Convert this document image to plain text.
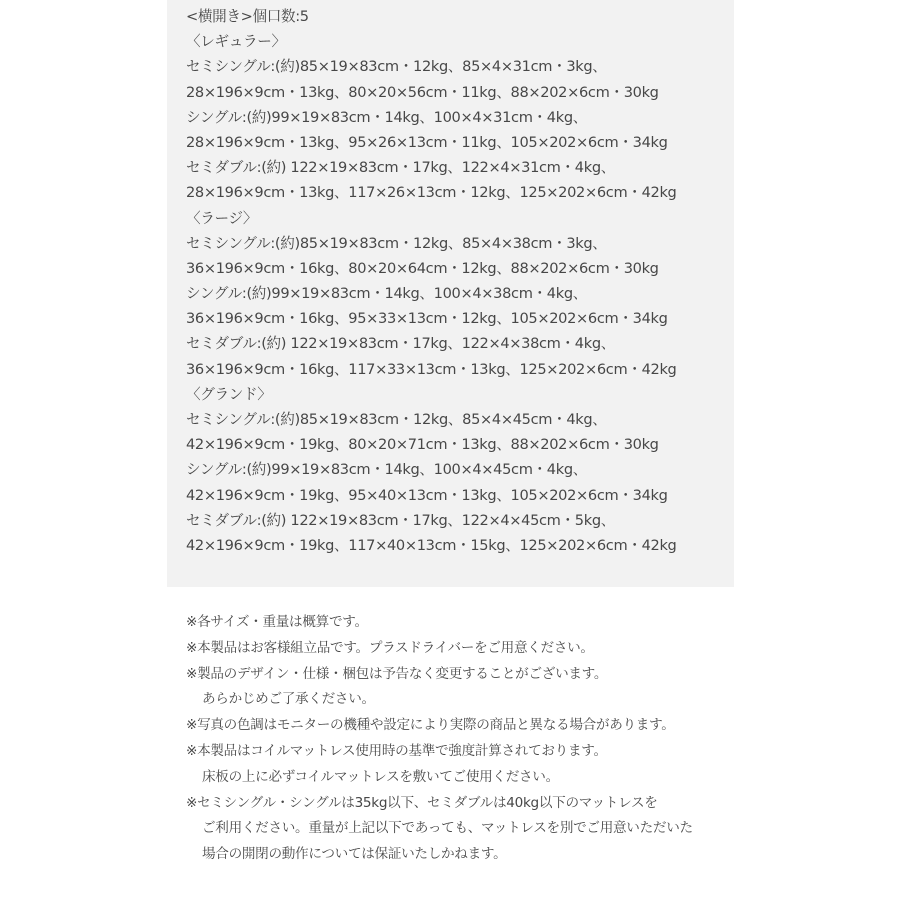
<横開き>個口数:5
〈レギュラー〉
セミシングル:(約)85×19×83cm・12kg、85×4×31cm・3kg、
28×196×9cm・13kg、80×20×56cm・11kg、88×202×6cm・30kg
シングル:(約)99×19×83cm・14kg、100×4×31cm・4kg、
28×196×9cm・13kg、95×26×13cm・11kg、105×202×6cm・34kg
セミダブル:(約) 122×19×83cm・17kg、122×4×31cm・4kg、
28×196×9cm・13kg、117×26×13cm・12kg、125×202×6cm・42kg
〈ラージ〉
セミシングル:(約)85×19×83cm・12kg、85×4×38cm・3kg、
36×196×9cm・16kg、80×20×64cm・12kg、88×202×6cm・30kg
シングル:(約)99×19×83cm・14kg、100×4×38cm・4kg、
36×196×9cm・16kg、95×33×13cm・12kg、105×202×6cm・34kg
セミダブル:(約) 122×19×83cm・17kg、122×4×38cm・4kg、
36×196×9cm・16kg、117×33×13cm・13kg、125×202×6cm・42kg
〈グランド〉
セミシングル:(約)85×19×83cm・12kg、85×4×45cm・4kg、
42×196×9cm・19kg、80×20×71cm・13kg、88×202×6cm・30kg
シングル:(約)99×19×83cm・14kg、100×4×45cm・4kg、
42×196×9cm・19kg、95×40×13cm・13kg、105×202×6cm・34kg
セミダブル:(約) 122×19×83cm・17kg、122×4×45cm・5kg、
42×196×9cm・19kg、117×40×13cm・15kg、125×202×6cm・42kg
※各サイズ・重量は概算です。
※本製品はお客様組立品です。プラスドライバーをご用意ください。
※製品のデザイン・仕様・梱包は予告なく変更することがございます。
あらかじめご了承ください。
※写真の色調はモニターの機種や設定により実際の商品と異なる場合があります。
※本製品はコイルマットレス使用時の基準で強度計算されております。
床板の上に必ずコイルマットレスを敷いてご使用ください。
※セミシングル・シングルは35kg以下、セミダブルは40kg以下のマットレスを
ご利用ください。重量が上記以下であっても、マットレスを別でご用意いただいた
場合の開閉の動作については保証いたしかねます。
